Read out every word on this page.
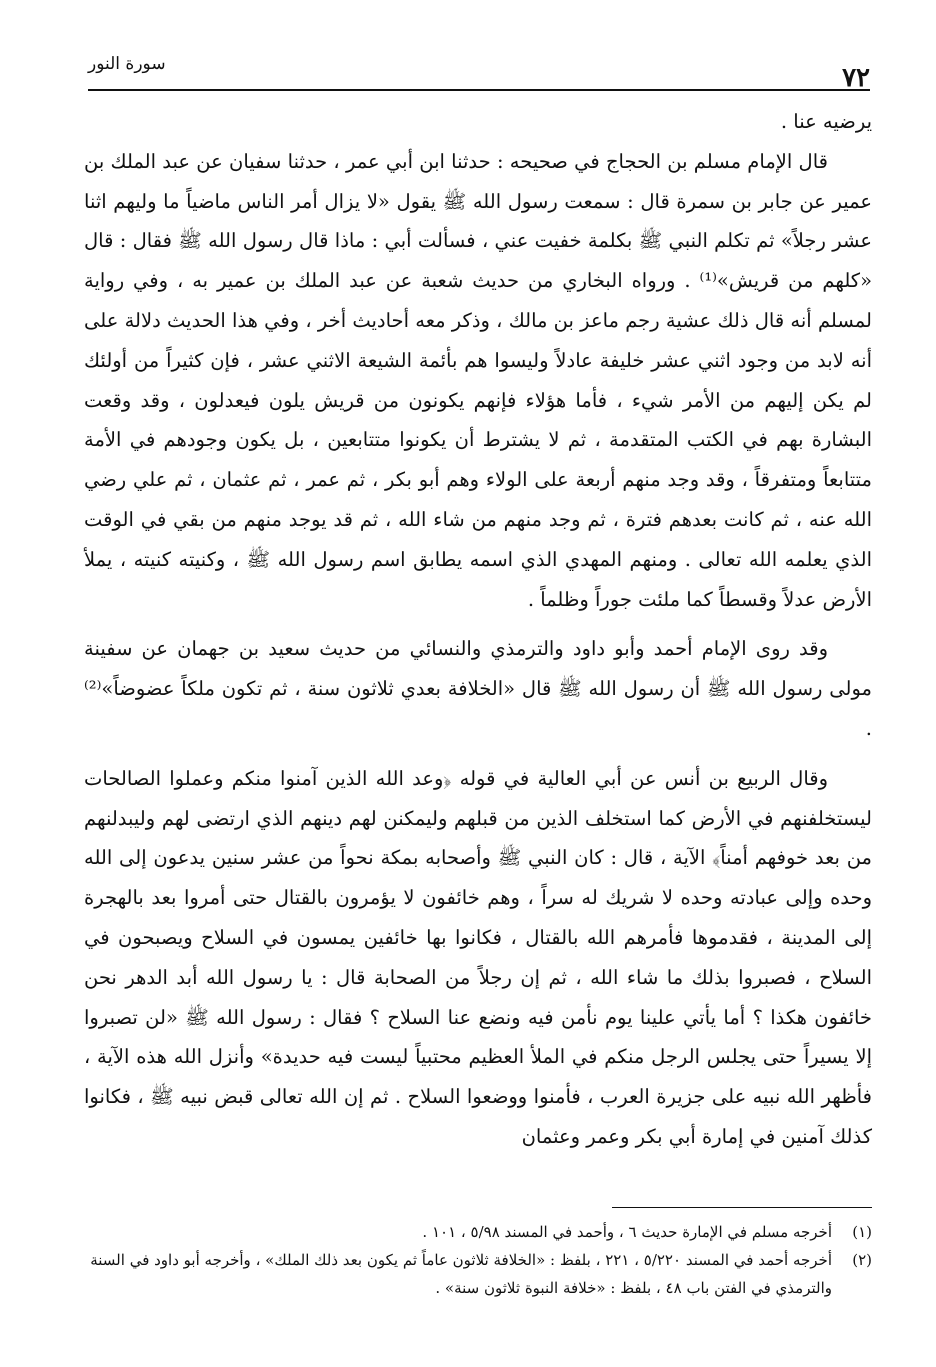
٧٢
سورة النور

يرضيه عنا .

قال الإمام مسلم بن الحجاج في صحيحه : حدثنا ابن أبي عمر ، حدثنا سفيان عن عبد الملك بن عمير عن جابر بن سمرة قال : سمعت رسول الله ﷺ يقول «لا يزال أمر الناس ماضياً ما وليهم اثنا عشر رجلاً» ثم تكلم النبي ﷺ بكلمة خفيت عني ، فسألت أبي : ماذا قال رسول الله ﷺ فقال : قال «كلهم من قريش»⁽¹⁾ . ورواه البخاري من حديث شعبة عن عبد الملك بن عمير به ، وفي رواية لمسلم أنه قال ذلك عشية رجم ماعز بن مالك ، وذكر معه أحاديث أخر ، وفي هذا الحديث دلالة على أنه لابد من وجود اثني عشر خليفة عادلاً وليسوا هم بأئمة الشيعة الاثني عشر ، فإن كثيراً من أولئك لم يكن إليهم من الأمر شيء ، فأما هؤلاء فإنهم يكونون من قريش يلون فيعدلون ، وقد وقعت البشارة بهم في الكتب المتقدمة ، ثم لا يشترط أن يكونوا متتابعين ، بل يكون وجودهم في الأمة متتابعاً ومتفرقاً ، وقد وجد منهم أربعة على الولاء وهم أبو بكر ، ثم عمر ، ثم عثمان ، ثم علي رضي الله عنه ، ثم كانت بعدهم فترة ، ثم وجد منهم من شاء الله ، ثم قد يوجد منهم من بقي في الوقت الذي يعلمه الله تعالى . ومنهم المهدي الذي اسمه يطابق اسم رسول الله ﷺ ، وكنيته كنيته ، يملأ الأرض عدلاً وقسطاً كما ملئت جوراً وظلماً .

وقد روى الإمام أحمد وأبو داود والترمذي والنسائي من حديث سعيد بن جهمان عن سفينة مولى رسول الله ﷺ أن رسول الله ﷺ قال «الخلافة بعدي ثلاثون سنة ، ثم تكون ملكاً عضوضاً»⁽²⁾ .

وقال الربيع بن أنس عن أبي العالية في قوله ﴿وعد الله الذين آمنوا منكم وعملوا الصالحات ليستخلفنهم في الأرض كما استخلف الذين من قبلهم وليمكنن لهم دينهم الذي ارتضى لهم وليبدلنهم من بعد خوفهم أمناً﴾ الآية ، قال : كان النبي ﷺ وأصحابه بمكة نحواً من عشر سنين يدعون إلى الله وحده وإلى عبادته وحده لا شريك له سراً ، وهم خائفون لا يؤمرون بالقتال حتى أمروا بعد بالهجرة إلى المدينة ، فقدموها فأمرهم الله بالقتال ، فكانوا بها خائفين يمسون في السلاح ويصبحون في السلاح ، فصبروا بذلك ما شاء الله ، ثم إن رجلاً من الصحابة قال : يا رسول الله أبد الدهر نحن خائفون هكذا ؟ أما يأتي علينا يوم نأمن فيه ونضع عنا السلاح ؟ فقال : رسول الله ﷺ «لن تصبروا إلا يسيراً حتى يجلس الرجل منكم في الملأ العظيم محتبياً ليست فيه حديدة» وأنزل الله هذه الآية ، فأظهر الله نبيه على جزيرة العرب ، فأمنوا ووضعوا السلاح . ثم إن الله تعالى قبض نبيه ﷺ ، فكانوا كذلك آمنين في إمارة أبي بكر وعمر وعثمان

(١)
أخرجه مسلم في الإمارة حديث ٦ ، وأحمد في المسند ٥/٩٨ ، ١٠١ .
(٢)
أخرجه أحمد في المسند ٥/٢٢٠ ، ٢٢١ ، بلفظ : «الخلافة ثلاثون عاماً ثم يكون بعد ذلك الملك» ، وأخرجه أبو داود في السنة والترمذي في الفتن باب ٤٨ ، بلفظ : «خلافة النبوة ثلاثون سنة» .
